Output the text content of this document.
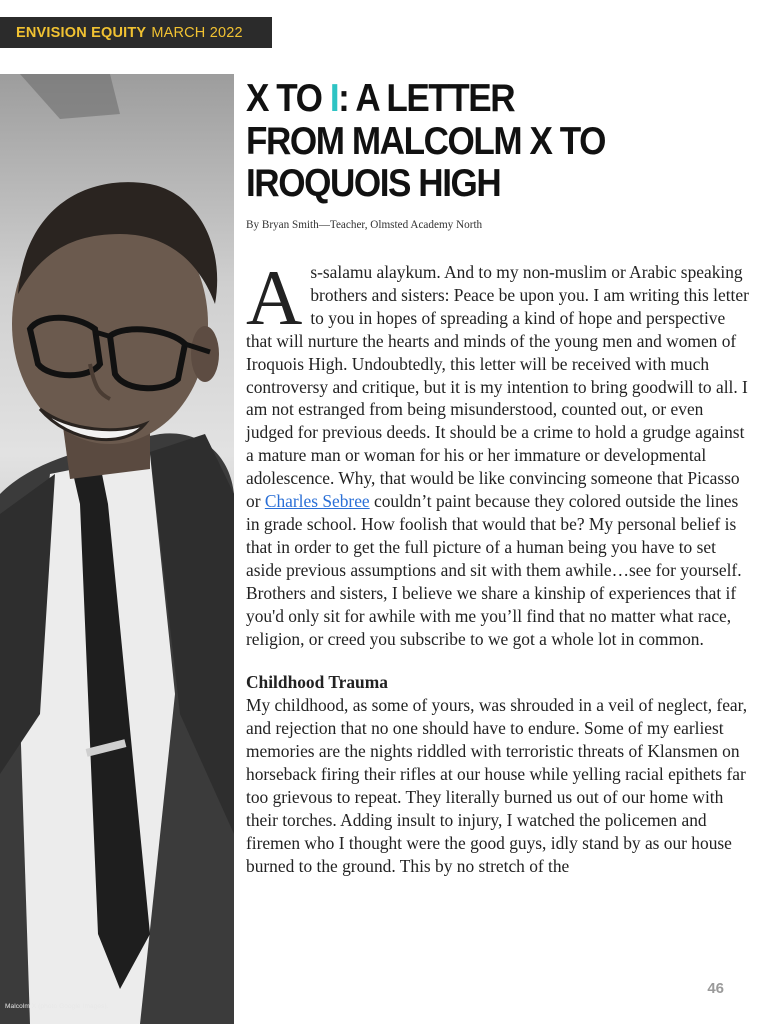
ENVISION EQUITY MARCH 2022
Malcolm X (photo Google Images).
X TO I: A LETTER FROM MALCOLM X TO IROQUOIS HIGH
By Bryan Smith—Teacher, Olmsted Academy North

As-salamu alaykum. And to my non-muslim or Arabic speaking brothers and sisters: Peace be upon you. I am writing this letter to you in hopes of spreading a kind of hope and perspective that will nurture the hearts and minds of the young men and women of Iroquois High. Undoubtedly, this letter will be received with much controversy and critique, but it is my intention to bring goodwill to all. I am not estranged from being misunderstood, counted out, or even judged for previous deeds. It should be a crime to hold a grudge against a mature man or woman for his or her immature or developmental adolescence. Why, that would be like convincing someone that Picasso or Charles Sebree couldn’t paint because they colored outside the lines in grade school. How foolish that would that be? My personal belief is that in order to get the full picture of a human being you have to set aside previous assumptions and sit with them awhile…see for yourself. Brothers and sisters, I believe we share a kinship of experiences that if you'd only sit for awhile with me you’ll find that no matter what race, religion, or creed you subscribe to we got a whole lot in common.

Childhood Trauma

My childhood, as some of yours, was shrouded in a veil of neglect, fear, and rejection that no one should have to endure. Some of my earliest memories are the nights riddled with terroristic threats of Klansmen on horseback firing their rifles at our house while yelling racial epithets far too grievous to repeat. They literally burned us out of our home with their torches. Adding insult to injury, I watched the policemen and firemen who I thought were the good guys, idly stand by as our house burned to the ground. This by no stretch of the

46
